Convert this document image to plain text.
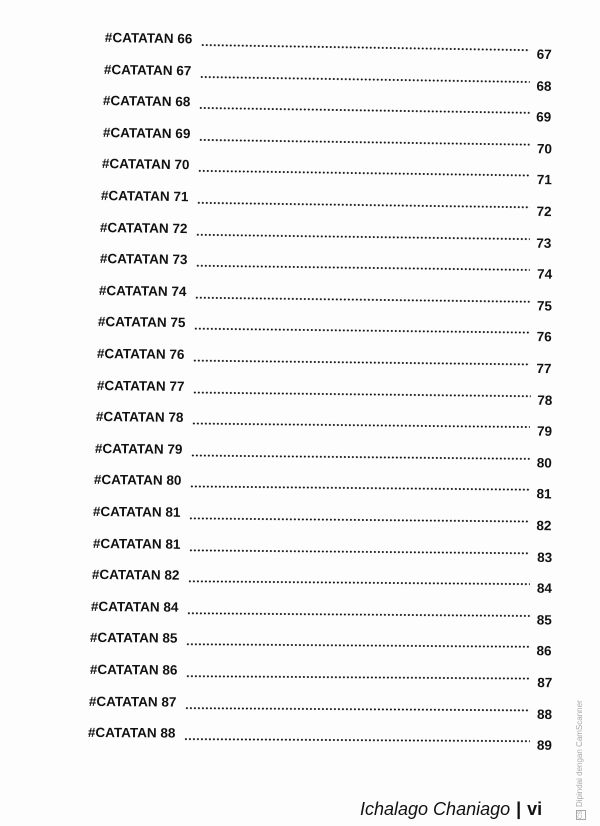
#CATATAN 66
67
#CATATAN 67
68
#CATATAN 68
69
#CATATAN 69
70
#CATATAN 70
71
#CATATAN 71
72
#CATATAN 72
73
#CATATAN 73
74
#CATATAN 74
75
#CATATAN 75
76
#CATATAN 76
77
#CATATAN 77
78
#CATATAN 78
79
#CATATAN 79
80
#CATATAN 80
81
#CATATAN 81
82
#CATATAN 81
83
#CATATAN 82
84
#CATATAN 84
85
#CATATAN 85
86
#CATATAN 86
87
#CATATAN 87
88
#CATATAN 88
89
Ichalago Chaniago | vi	CSDipindai dengan CamScanner
